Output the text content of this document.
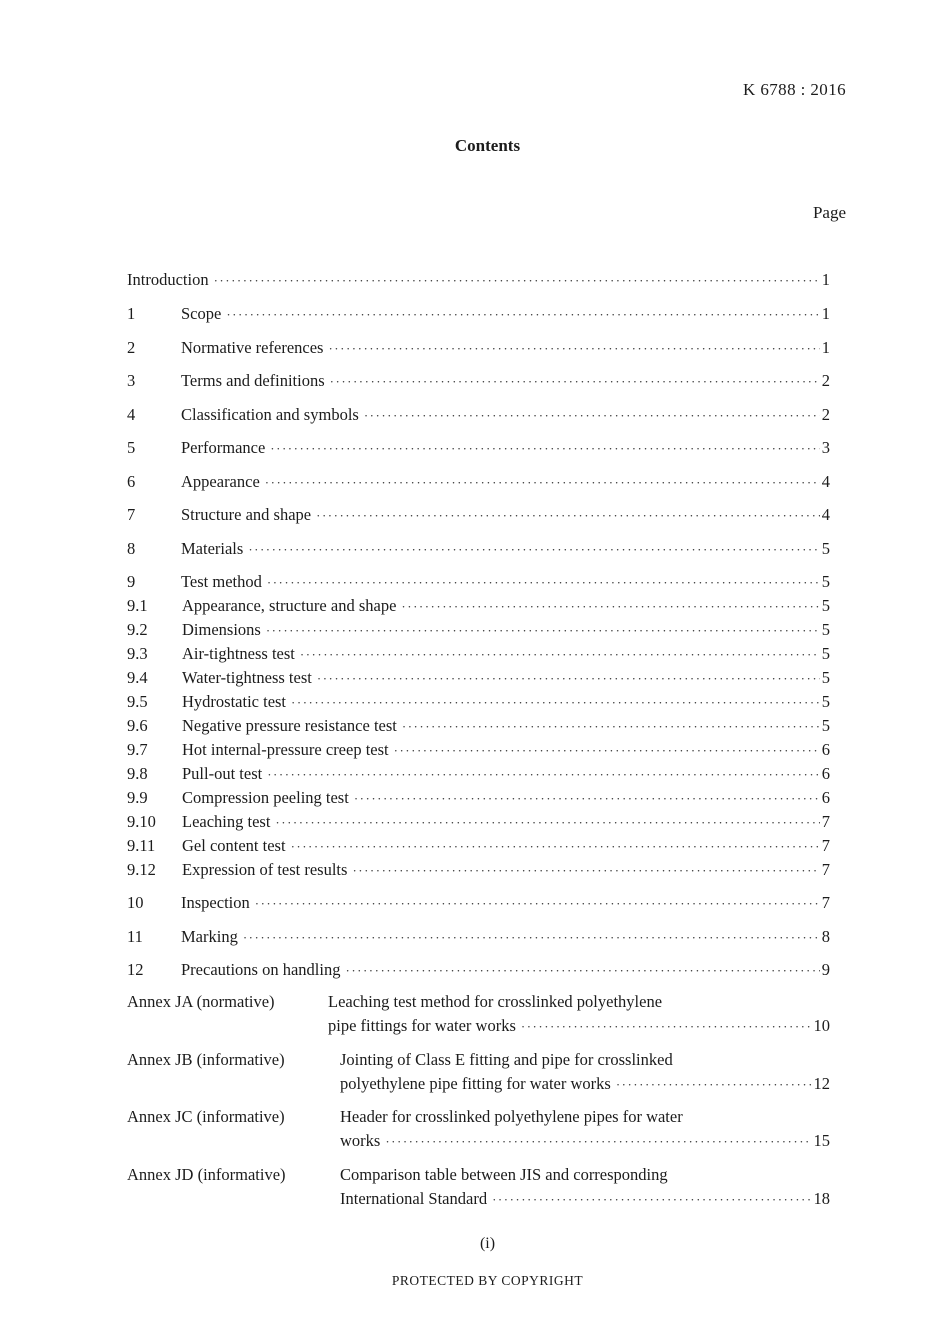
K 6788 : 2016
Contents
Page
Introduction ·····	1
1	Scope ·····	1
2	Normative references ·····	1
3	Terms and definitions ·····	2
4	Classification and symbols ·····	2
5	Performance ·····	3
6	Appearance ·····	4
7	Structure and shape ·····	4
8	Materials ·····	5
9	Test method ·····	5
9.1 Appearance, structure and shape ·····	5
9.2 Dimensions ·····	5
9.3 Air-tightness test ·····	5
9.4 Water-tightness test ·····	5
9.5 Hydrostatic test ·····	5
9.6 Negative pressure resistance test ·····	5
9.7 Hot internal-pressure creep test ·····	6
9.8 Pull-out test ·····	6
9.9 Compression peeling test ·····	6
9.10 Leaching test ·····	7
9.11 Gel content test ·····	7
9.12 Expression of test results ·····	7
10 Inspection ·····	7
11 Marking ·····	8
12 Precautions on handling ·····	9
Annex JA (normative)	Leaching test method for crosslinked polyethylene
pipe fittings for water works ·····	10
Annex JB (informative)	Jointing of Class E fitting and pipe for crosslinked
polyethylene pipe fitting for water works ·····	12
Annex JC (informative)	Header for crosslinked polyethylene pipes for water
works ·····	15
Annex JD (informative)	Comparison table between JIS and corresponding
International Standard ·····	18
(i)
PROTECTED BY COPYRIGHT
